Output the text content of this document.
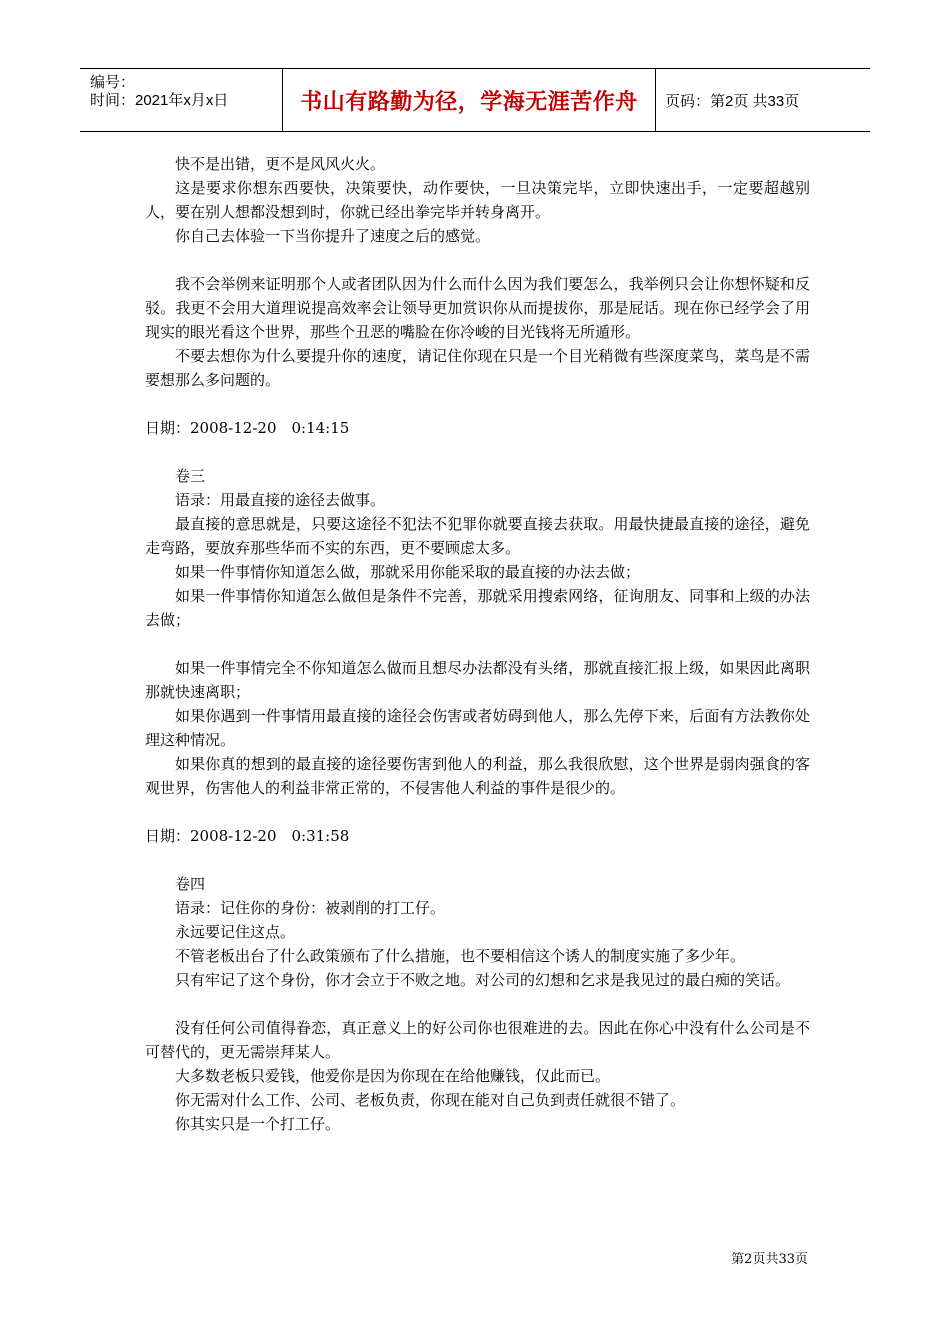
编号：
时间：2021年x月x日	书山有路勤为径，学海无涯苦作舟	页码：第2页 共33页

快不是出错，更不是风风火火。

这是要求你想东西要快，决策要快，动作要快，一旦决策完毕，立即快速出手，一定要超越别人，要在别人想都没想到时，你就已经出拳完毕并转身离开。

你自己去体验一下当你提升了速度之后的感觉。

我不会举例来证明那个人或者团队因为什么而什么因为我们要怎么，我举例只会让你想怀疑和反驳。我更不会用大道理说提高效率会让领导更加赏识你从而提拔你，那是屁话。现在你已经学会了用现实的眼光看这个世界，那些个丑恶的嘴脸在你冷峻的目光钱将无所遁形。

不要去想你为什么要提升你的速度，请记住你现在只是一个目光稍微有些深度菜鸟，菜鸟是不需要想那么多问题的。

日期：2008-12-20　0:14:15

卷三

语录：用最直接的途径去做事。

最直接的意思就是，只要这途径不犯法不犯罪你就要直接去获取。用最快捷最直接的途径，避免走弯路，要放弃那些华而不实的东西，更不要顾虑太多。

如果一件事情你知道怎么做，那就采用你能采取的最直接的办法去做；

如果一件事情你知道怎么做但是条件不完善，那就采用搜索网络，征询朋友、同事和上级的办法去做；

如果一件事情完全不你知道怎么做而且想尽办法都没有头绪，那就直接汇报上级，如果因此离职那就快速离职；

如果你遇到一件事情用最直接的途径会伤害或者妨碍到他人，那么先停下来，后面有方法教你处理这种情况。

如果你真的想到的最直接的途径要伤害到他人的利益，那么我很欣慰，这个世界是弱肉强食的客观世界，伤害他人的利益非常正常的，不侵害他人利益的事件是很少的。

日期：2008-12-20　0:31:58

卷四

语录：记住你的身份：被剥削的打工仔。

永远要记住这点。

不管老板出台了什么政策颁布了什么措施，也不要相信这个诱人的制度实施了多少年。

只有牢记了这个身份，你才会立于不败之地。对公司的幻想和乞求是我见过的最白痴的笑话。

没有任何公司值得眷恋，真正意义上的好公司你也很难进的去。因此在你心中没有什么公司是不可替代的，更无需崇拜某人。

大多数老板只爱钱，他爱你是因为你现在在给他赚钱，仅此而已。

你无需对什么工作、公司、老板负责，你现在能对自己负到责任就很不错了。

你其实只是一个打工仔。

第2页共33页
